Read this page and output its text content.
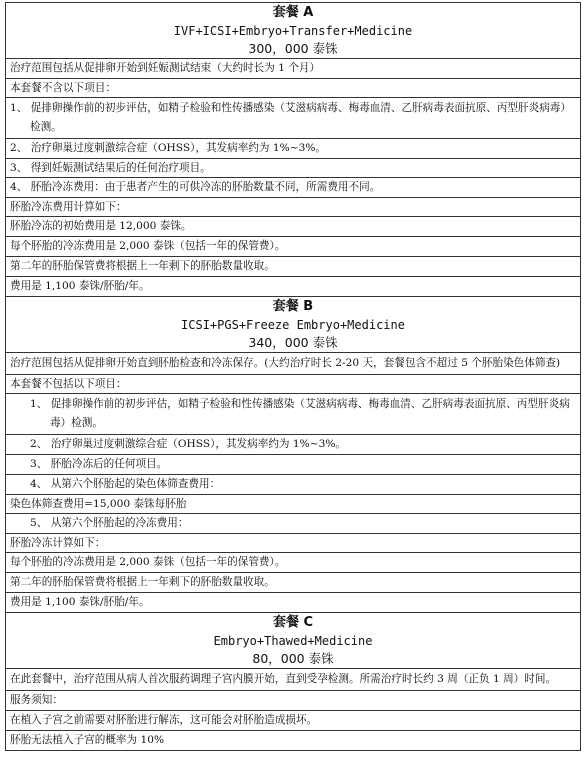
套餐 A
IVF+ICSI+Embryo+Transfer+Medicine
300，000 泰铢
治疗范围包括从促排卵开始到妊娠测试结束（大约时长为 1 个月）
本套餐不含以下项目：
1、 促排卵操作前的初步评估，如精子检验和性传播感染（艾滋病病毒、梅毒血清、乙肝病毒表面抗原、丙型肝炎病毒）检测。
2、 治疗卵巢过度刺激综合症（OHSS），其发病率约为 1%~3%。
3、 得到妊娠测试结果后的任何治疗项目。
4、 肧胎冷冻费用：由于患者产生的可供冷冻的肧胎数量不同，所需费用不同。
肧胎冷冻费用计算如下：
肧胎冷冻的初始费用是 12,000 泰铢。
每个肧胎的冷冻费用是 2,000 泰铢（包括一年的保管费）。
第二年的肧胎保管费将根据上一年剩下的肧胎数量收取。
费用是 1,100 泰铢/肧胎/年。
套餐 B
ICSI+PGS+Freeze Embryo+Medicine
340，000 泰铢
治疗范围包括从促排卵开始直到肧胎检查和冷冻保存。(大约治疗时长 2-20 天，套餐包含不超过 5 个肧胎染色体筛查)
本套餐不包括以下项目：
1、 促排卵操作前的初步评估，如精子检验和性传播感染（艾滋病病毒、梅毒血清、乙肝病毒表面抗原、丙型肝炎病毒）检测。
2、 治疗卵巢过度刺激综合症（OHSS），其发病率约为 1%~3%。
3、 肧胎冷冻后的任何项目。
4、 从第六个肧胎起的染色体筛查费用：
染色体筛查费用=15,000 泰铢每肧胎
5、 从第六个肧胎起的冷冻费用：
肧胎冷冻计算如下：
每个肧胎的冷冻费用是 2,000 泰铢（包括一年的保管费）。
第二年的肧胎保管费将根据上一年剩下的肧胎数量收取。
费用是 1,100 泰铢/肧胎/年。
套餐 C
Embryo+Thawed+Medicine
80，000 泰铢
在此套餐中，治疗范围从病人首次服药调理子宫内膜开始，直到受孕检测。所需治疗时长约 3 周（正负 1 周）时间。
服务须知：
在植入子宫之前需要对肧胎进行解冻，这可能会对肧胎造成损坏。
肧胎无法植入子宫的概率为 10%
